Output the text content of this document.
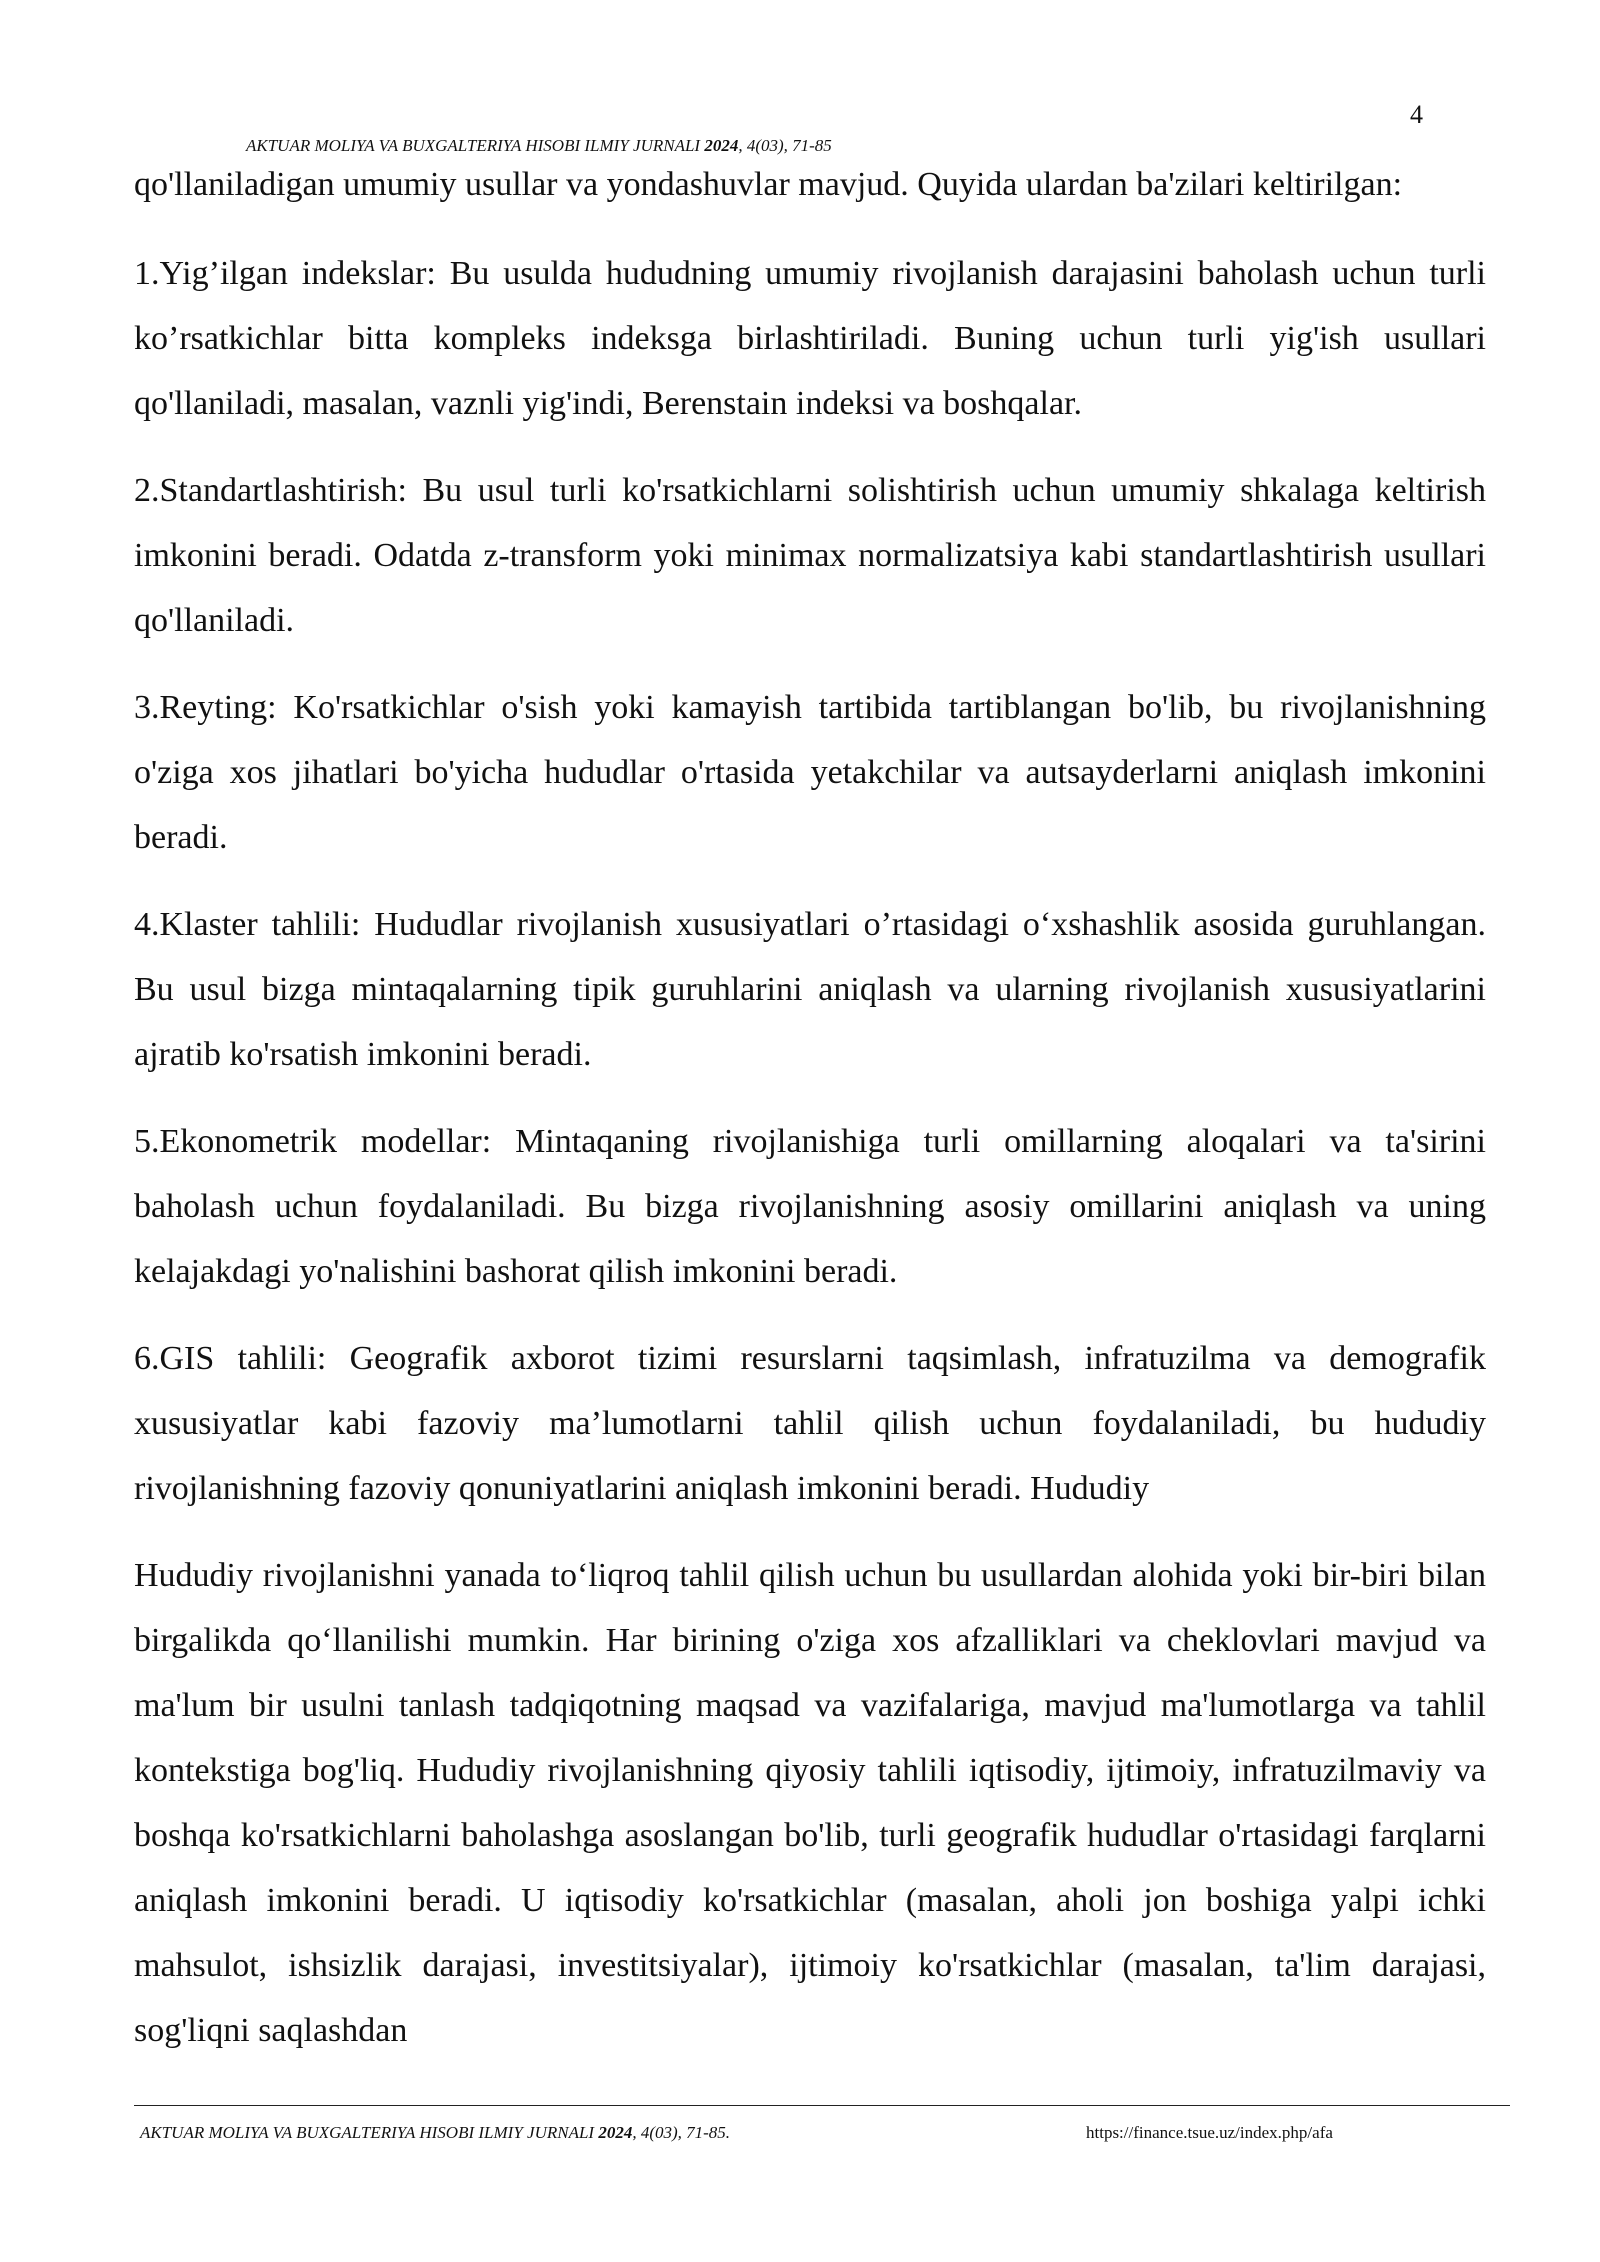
4
AKTUAR MOLIYA VA BUXGALTERIYA HISOBI ILMIY JURNALI 2024, 4(03), 71-85

qo'llaniladigan umumiy usullar va yondashuvlar mavjud. Quyida ulardan ba'zilari keltirilgan:

1.Yig’ilgan indekslar: Bu usulda hududning umumiy rivojlanish darajasini baholash uchun turli ko’rsatkichlar bitta kompleks indeksga birlashtiriladi. Buning uchun turli yig'ish usullari qo'llaniladi, masalan, vaznli yig'indi, Berenstain indeksi va boshqalar.

2.Standartlashtirish: Bu usul turli ko'rsatkichlarni solishtirish uchun umumiy shkalaga keltirish imkonini beradi. Odatda z-transform yoki minimax normalizatsiya kabi standartlashtirish usullari qo'llaniladi.

3.Reyting: Ko'rsatkichlar o'sish yoki kamayish tartibida tartiblangan bo'lib, bu rivojlanishning o'ziga xos jihatlari bo'yicha hududlar o'rtasida yetakchilar va autsayderlarni aniqlash imkonini beradi.

4.Klaster tahlili: Hududlar rivojlanish xususiyatlari o’rtasidagi o‘xshashlik asosida guruhlangan. Bu usul bizga mintaqalarning tipik guruhlarini aniqlash va ularning rivojlanish xususiyatlarini ajratib ko'rsatish imkonini beradi.

5.Ekonometrik modellar: Mintaqaning rivojlanishiga turli omillarning aloqalari va ta'sirini baholash uchun foydalaniladi. Bu bizga rivojlanishning asosiy omillarini aniqlash va uning kelajakdagi yo'nalishini bashorat qilish imkonini beradi.

6.GIS tahlili: Geografik axborot tizimi resurslarni taqsimlash, infratuzilma va demografik xususiyatlar kabi fazoviy ma’lumotlarni tahlil qilish uchun foydalaniladi, bu hududiy rivojlanishning fazoviy qonuniyatlarini aniqlash imkonini beradi. Hududiy

Hududiy rivojlanishni yanada to‘liqroq tahlil qilish uchun bu usullardan alohida yoki bir-biri bilan birgalikda qo‘llanilishi mumkin. Har birining o'ziga xos afzalliklari va cheklovlari mavjud va ma'lum bir usulni tanlash tadqiqotning maqsad va vazifalariga, mavjud ma'lumotlarga va tahlil kontekstiga bog'liq. Hududiy rivojlanishning qiyosiy tahlili iqtisodiy, ijtimoiy, infratuzilmaviy va boshqa ko'rsatkichlarni baholashga asoslangan bo'lib, turli geografik hududlar o'rtasidagi farqlarni aniqlash imkonini beradi. U iqtisodiy ko'rsatkichlar (masalan, aholi jon boshiga yalpi ichki mahsulot, ishsizlik darajasi, investitsiyalar), ijtimoiy ko'rsatkichlar (masalan, ta'lim darajasi, sog'liqni saqlashdan

AKTUAR MOLIYA VA BUXGALTERIYA HISOBI ILMIY JURNALI 2024, 4(03), 71-85.	https://finance.tsue.uz/index.php/afa
